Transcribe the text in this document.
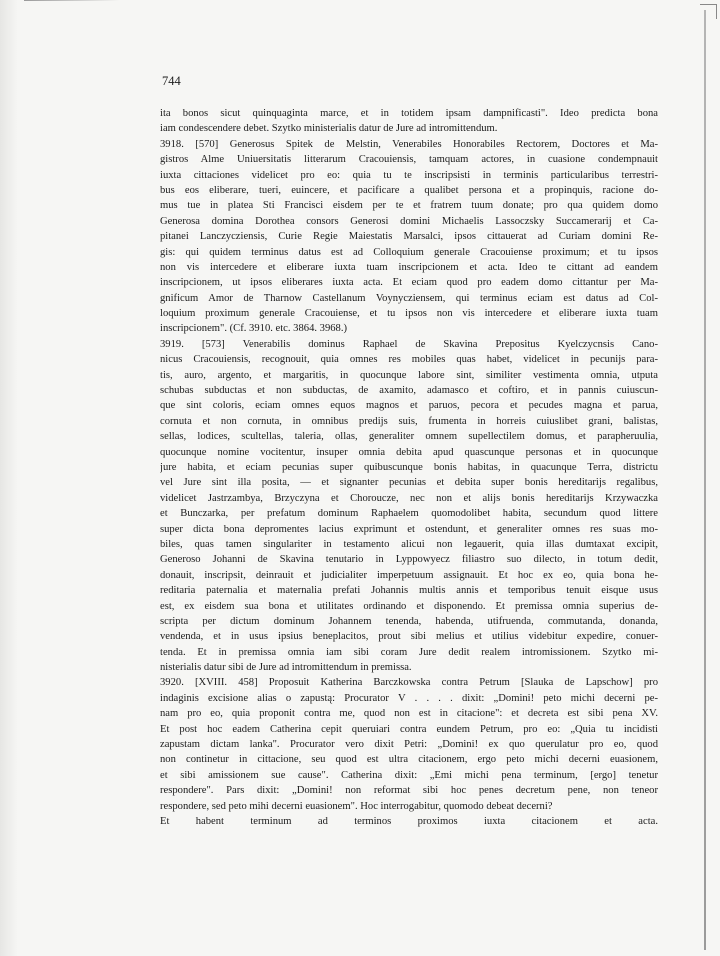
744
ita bonos sicut quinquaginta marce, et in totidem ipsam dampnificasti". Ideo predicta bona
iam condescendere debet. Szytko ministerialis datur de Jure ad intromittendum.
3918. [570] Generosus Spitek de Melstin, Venerabiles Honorabiles Rectorem, Doctores et Ma-
gistros Alme Uniuersitatis litterarum Cracouiensis, tamquam actores, in cuasione condempnauit
iuxta cittaciones videlicet pro eo: quia tu te inscripsisti in terminis particularibus terrestri-
bus eos eliberare, tueri, euincere, et pacificare a qualibet persona et a propinquis, racione do-
mus tue in platea Sti Francisci eisdem per te et fratrem tuum donate; pro qua quidem domo
Generosa domina Dorothea consors Generosi domini Michaelis Lassoczsky Succamerarij et Ca-
pitanei Lanczycziensis, Curie Regie Maiestatis Marsalci, ipsos cittauerat ad Curiam domini Re-
gis: qui quidem terminus datus est ad Colloquium generale Cracouiense proximum; et tu ipsos
non vis intercedere et eliberare iuxta tuam inscripcionem et acta. Ideo te cittant ad eandem
inscripcionem, ut ipsos eliberares iuxta acta. Et eciam quod pro eadem domo cittantur per Ma-
gnificum Amor de Tharnow Castellanum Voynycziensem, qui terminus eciam est datus ad Col-
loquium proximum generale Cracouiense, et tu ipsos non vis intercedere et eliberare iuxta tuam
inscripcionem". (Cf. 3910. etc. 3864. 3968.)
3919. [573] Venerabilis dominus Raphael de Skavina Prepositus Kyelczycnsis Cano-
nicus Cracouiensis, recognouit, quia omnes res mobiles quas habet, videlicet in pecunijs para-
tis, auro, argento, et margaritis, in quocunque labore sint, similiter vestimenta omnia, utputa
schubas subductas et non subductas, de axamito, adamasco et coftiro, et in pannis cuiuscun-
que sint coloris, eciam omnes equos magnos et paruos, pecora et pecudes magna et parua,
cornuta et non cornuta, in omnibus predijs suis, frumenta in horreis cuiuslibet grani, balistas,
sellas, lodices, scultellas, taleria, ollas, generaliter omnem supellectilem domus, et parapheruulia,
quocunque nomine vocitentur, insuper omnia debita apud quascunque personas et in quocunque
jure habita, et eciam pecunias super quibuscunque bonis habitas, in quacunque Terra, districtu
vel Jure sint illa posita, — et signanter pecunias et debita super bonis hereditarijs regalibus,
videlicet Jastrzambya, Brzyczyna et Choroucze, nec non et alijs bonis hereditarijs Krzywaczka
et Bunczarka, per prefatum dominum Raphaelem quomodolibet habita, secundum quod littere
super dicta bona depromentes lacius exprimunt et ostendunt, et generaliter omnes res suas mo-
biles, quas tamen singulariter in testamento alicui non legauerit, quia illas dumtaxat excipit,
Generoso Johanni de Skavina tenutario in Lyppowyecz filiastro suo dilecto, in totum dedit,
donauit, inscripsit, deinrauit et judicialiter imperpetuum assignauit. Et hoc ex eo, quia bona he-
reditaria paternalia et maternalia prefati Johannis multis annis et temporibus tenuit eisque usus
est, ex eisdem sua bona et utilitates ordinando et disponendo. Et premissa omnia superius de-
scripta per dictum dominum Johannem tenenda, habenda, utifruenda, commutanda, donanda,
vendenda, et in usus ipsius beneplacitos, prout sibi melius et utilius videbitur expedire, conuer-
tenda. Et in premissa omnia iam sibi coram Jure dedit realem intromissionem. Szytko mi-
nisterialis datur sibi de Jure ad intromittendum in premissa.
3920. [XVIII. 458] Proposuit Katherina Barczkowska contra Petrum [Slauka de Lapschow] pro
indaginis excisione alias o zapustą: Procurator V . . . . dixit: „Domini! peto michi decerni pe-
nam pro eo, quia proponit contra me, quod non est in citacione": et decreta est sibi pena XV.
Et post hoc eadem Catherina cepit queruiari contra eundem Petrum, pro eo: „Quia tu incidisti
zapustam dictam lanka". Procurator vero dixit Petri: „Domini! ex quo querulatur pro eo, quod
non continetur in cittacione, seu quod est ultra citacionem, ergo peto michi decerni euasionem,
et sibi amissionem sue cause". Catherina dixit: „Emi michi pena terminum, [ergo] tenetur
respondere". Pars dixit: „Domini! non reformat sibi hoc penes decretum pene, non teneor
respondere, sed peto mihi decerni euasionem". Hoc interrogabitur, quomodo debeat decerni?
Et habent terminum ad terminos proximos iuxta citacionem et acta.
